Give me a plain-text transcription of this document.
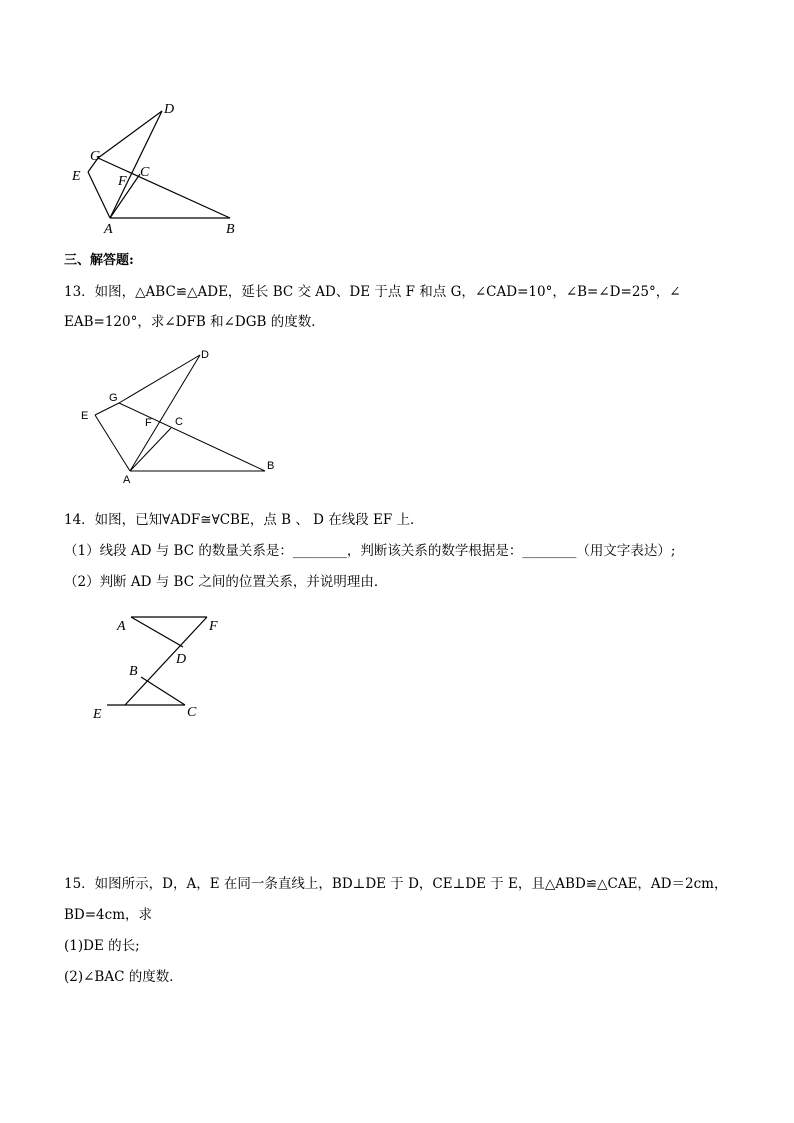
D
G
E	C
F
A	B
三、解答题:
13．如图，△ABC≌△ADE，延长 BC 交 AD、DE 于点 F 和点 G，∠CAD=10°，∠B=∠D=25°，∠
EAB=120°，求∠DFB 和∠DGB 的度数．
D
G
E
F C
A
B
14．如图，已知∀ADF≅∀CBE，点 B 、 D 在线段 EF 上．
（1）线段 AD 与 BC 的数量关系是：________，判断该关系的数学根据是：________（用文字表达）;
（2）判断 AD 与 BC 之间的位置关系，并说明理由．
A	F
D
B
E	C
15．如图所示，D，A，E 在同一条直线上，BD⊥DE 于 D，CE⊥DE 于 E，且△ABD≌△CAE，AD＝2cm，
BD=4cm，求
(1)DE 的长;
(2)∠BAC 的度数．
